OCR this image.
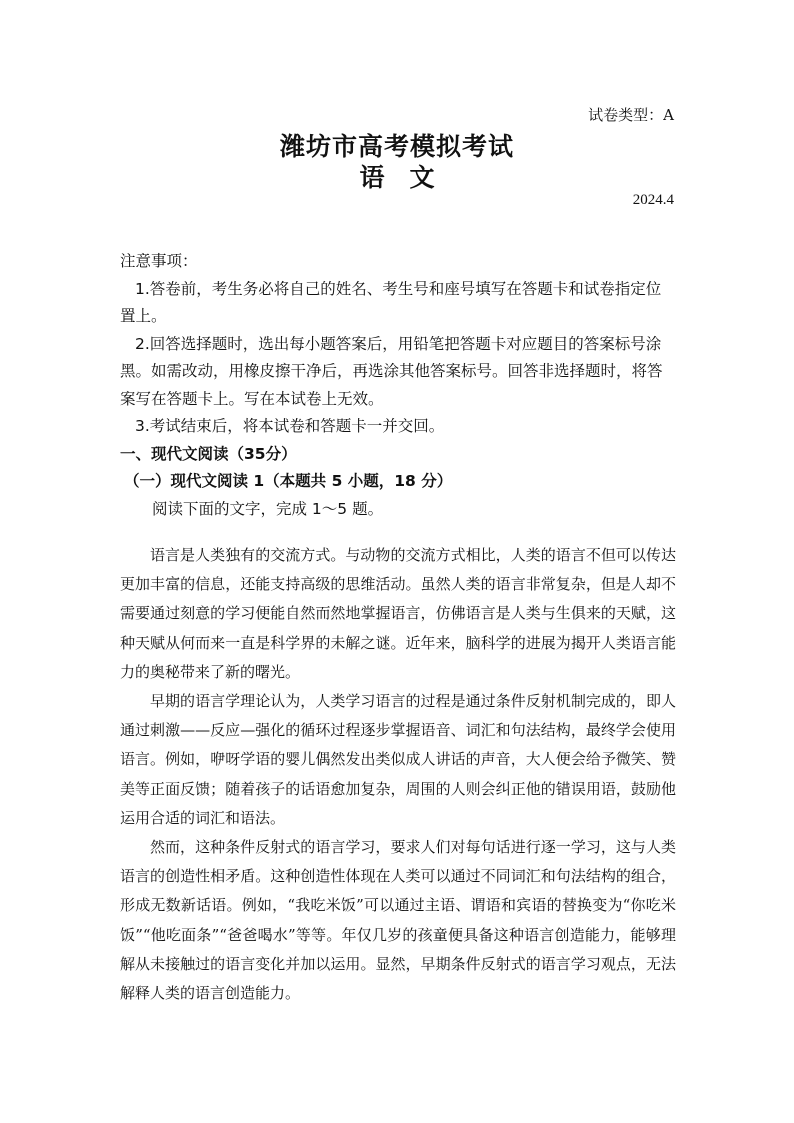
试卷类型：A
潍坊市高考模拟考试
语　文
2024.4

注意事项：

1.答卷前，考生务必将自己的姓名、考生号和座号填写在答题卡和试卷指定位置上。

2.回答选择题时，选出每小题答案后，用铅笔把答题卡对应题目的答案标号涂黑。如需改动，用橡皮擦干净后，再选涂其他答案标号。回答非选择题时，将答案写在答题卡上。写在本试卷上无效。

3.考试结束后，将本试卷和答题卡一并交回。

一、现代文阅读（35分）

（一）现代文阅读 1（本题共 5 小题，18 分）

阅读下面的文字，完成 1～5 题。

语言是人类独有的交流方式。与动物的交流方式相比，人类的语言不但可以传达更加丰富的信息，还能支持高级的思维活动。虽然人类的语言非常复杂，但是人却不需要通过刻意的学习便能自然而然地掌握语言，仿佛语言是人类与生俱来的天赋，这种天赋从何而来一直是科学界的未解之谜。近年来，脑科学的进展为揭开人类语言能力的奥秘带来了新的曙光。

早期的语言学理论认为，人类学习语言的过程是通过条件反射机制完成的，即人通过刺激——反应—强化的循环过程逐步掌握语音、词汇和句法结构，最终学会使用语言。例如，咿呀学语的婴儿偶然发出类似成人讲话的声音，大人便会给予微笑、赞美等正面反馈；随着孩子的话语愈加复杂，周围的人则会纠正他的错误用语，鼓励他运用合适的词汇和语法。

然而，这种条件反射式的语言学习，要求人们对每句话进行逐一学习，这与人类语言的创造性相矛盾。这种创造性体现在人类可以通过不同词汇和句法结构的组合，形成无数新话语。例如，“我吃米饭”可以通过主语、谓语和宾语的替换变为“你吃米饭”“他吃面条”“爸爸喝水”等等。年仅几岁的孩童便具备这种语言创造能力，能够理解从未接触过的语言变化并加以运用。显然，早期条件反射式的语言学习观点，无法解释人类的语言创造能力。
